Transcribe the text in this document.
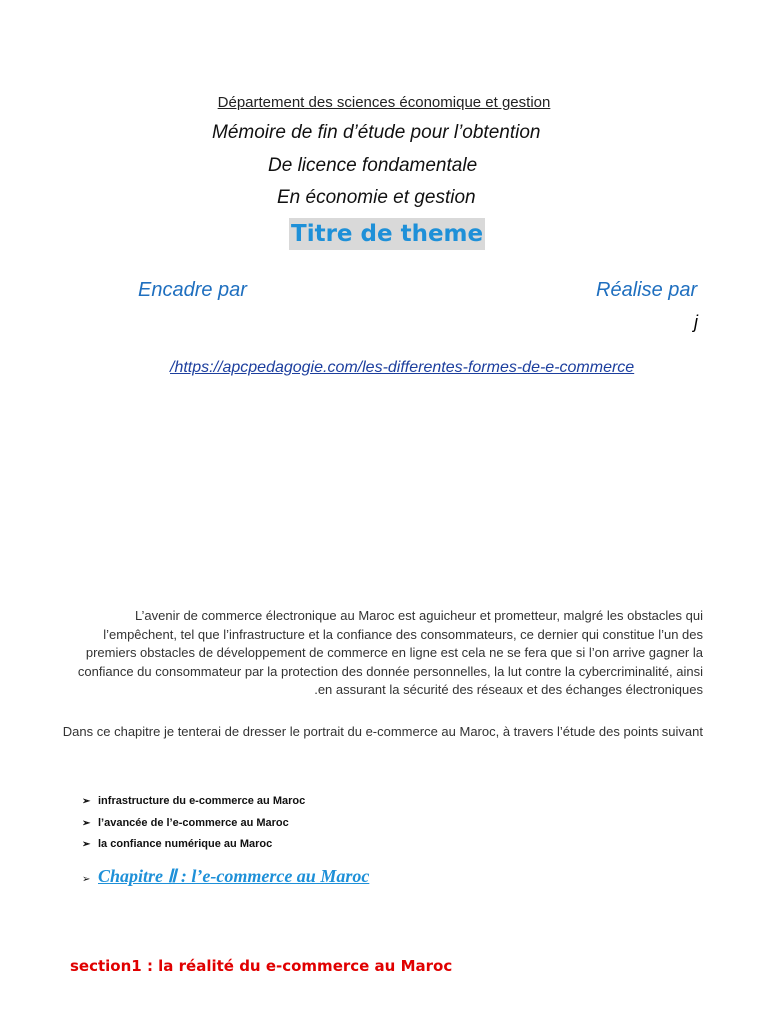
Département des sciences économique et gestion
Mémoire de fin d’étude pour l’obtention
De licence fondamentale
En économie et gestion
Titre de theme
Encadre par	Réalise par
j
/https://apcpedagogie.com/les-differentes-formes-de-e-commerce
L’avenir de commerce électronique au Maroc est aguicheur et prometteur, malgré les obstacles qui l’empêchent, tel que l’infrastructure et la confiance des consommateurs, ce dernier qui constitue l’un des premiers obstacles de développement de commerce en ligne est cela ne se fera que si l’on arrive gagner la confiance du consommateur par la protection des donnée personnelles, la lut contre la cybercriminalité, ainsi en assurant la sécurité des réseaux et des échanges électroniques.
Dans ce chapitre je tenterai de dresser le portrait du e-commerce au Maroc, à travers l’étude des points suivant
➢ infrastructure du e-commerce au Maroc
➢ l’avancée de l’e-commerce au Maroc
➢ la confiance numérique au Maroc
➢ Chapitre Ⅱ : l’e-commerce au Maroc
section1 : la réalité du e-commerce au Maroc
